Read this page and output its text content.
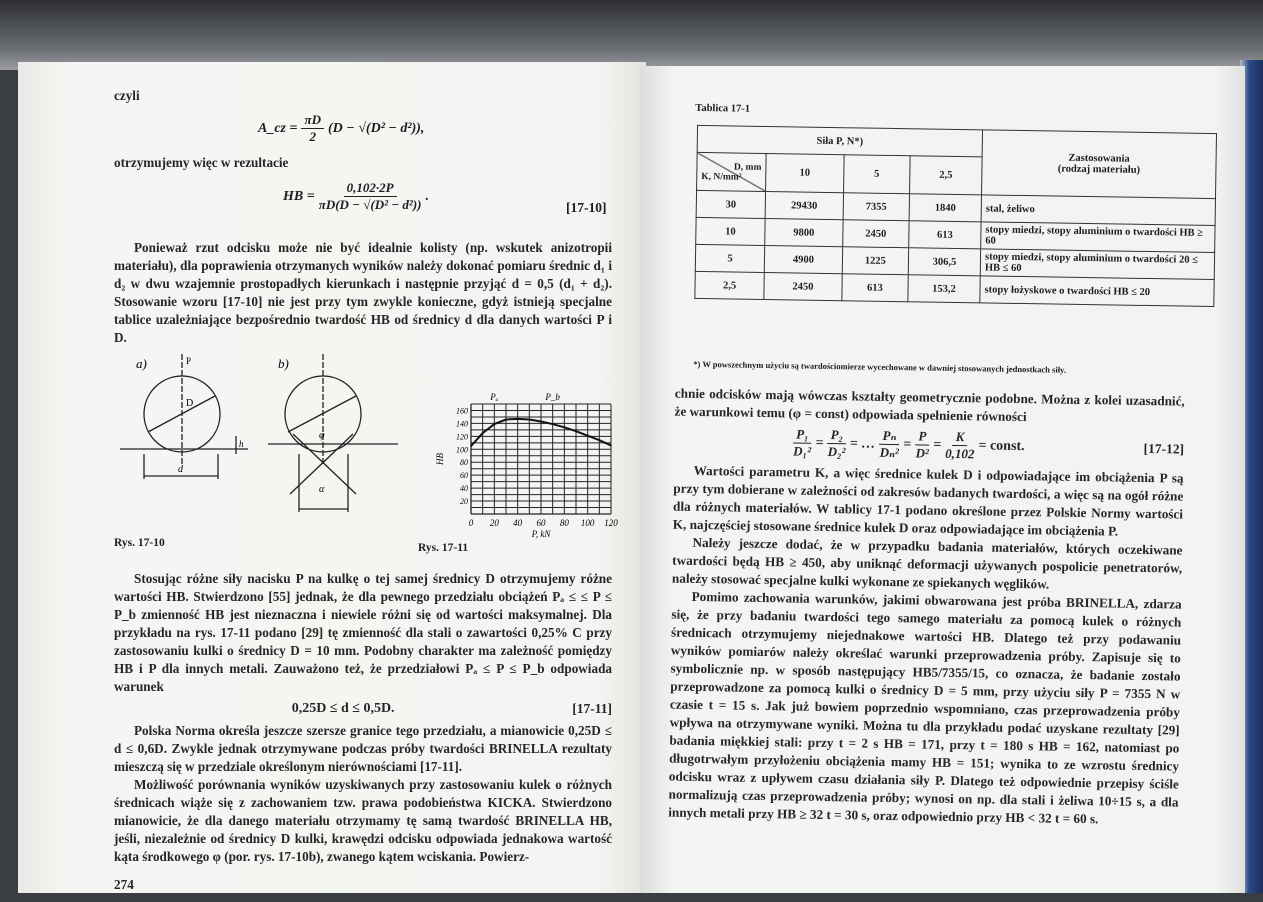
czyli
A_cz = $\frac{\pi D}{2} (D - √(D^2 - d^2))$,
otrzymujemy więc w rezultacie
HB = $\frac{0,102\cdot 2P}{\text{πD(D − √(D² − d²))}}$ .
[17-10]

Ponieważ rzut odcisku może nie być idealnie kolisty (np. wskutek anizotropii materiału), dla poprawienia otrzymanych wyników należy dokonać pomiaru średnic d₁ i d₂ w dwu wzajemnie prostopadłych kierunkach i następnie przyjąć d = 0,5 (d₁ + d₂). Stosowanie wzoru [17-10] nie jest przy tym zwykle konieczne, gdyż istnieją specjalne tablice uzależniające bezpośrednio twardość HB od średnicy d dla danych wartości P i D.

a)	b)
P
D
d
h
φ
α
Rys. 17-10
0 20 40 60 80 100 120
20
40
60
80
100
120
140
160
P, kN
HB
Pₐ	P_b
Rys. 17-11

Stosując różne siły nacisku P na kulkę o tej samej średnicy D otrzymujemy różne wartości HB. Stwierdzono [55] jednak, że dla pewnego przedziału obciążeń Pₐ ≤ ≤ P ≤ P_b zmienność HB jest nieznaczna i niewiele różni się od wartości maksymalnej. Dla przykładu na rys. 17-11 podano [29] tę zmienność dla stali o zawartości 0,25% C przy zastosowaniu kulki o średnicy D = 10 mm. Podobny charakter ma zależność pomiędzy HB i P dla innych metali. Zauważono też, że przedziałowi Pₐ ≤ P ≤ P_b odpowiada warunek

0,25D ≤ d ≤ 0,5D.	[17-11]

Polska Norma określa jeszcze szersze granice tego przedziału, a mianowicie 0,25D ≤ d ≤ 0,6D. Zwykle jednak otrzymywane podczas próby twardości BRINELLA rezultaty mieszczą się w przedziale określonym nierównościami [17-11].

Możliwość porównania wyników uzyskiwanych przy zastosowaniu kulek o różnych średnicach wiąże się z zachowaniem tzw. prawa podobieństwa KICKA. Stwierdzono mianowicie, że dla danego materiału otrzymamy tę samą twardość BRINELLA HB, jeśli, niezależnie od średnicy D kulki, krawędzi odcisku odpowiada jednakowa wartość kąta środkowego φ (por. rys. 17-10b), zwanego kątem wciskania. Powierz-

274
Tablica 17-1
Siła P, N*)				Zastosowania
(rodzaj materiału)

D, mm
K, N/mm²	10	5	2,5	
30	29430	7355	1840	stal, żeliwo
10	9800	2450	613	stopy miedzi, stopy aluminium o twardości HB ≥ 60
5	4900	1225	306,5	stopy miedzi, stopy aluminium o twardości 20 ≤ HB ≤ 60
2,5	2450	613	153,2	stopy łożyskowe o twardości HB ≤ 20
*) W powszechnym użyciu są twardościomierze wycechowane w dawniej stosowanych jednostkach siły.

chnie odcisków mają wówczas kształty geometrycznie podobne. Można z kolei uzasadnić, że warunkowi temu (φ = const) odpowiada spełnienie równości

$\frac{\text{P₁}}{\text{D₁²}} = \frac{\text{P₂}}{\text{D₂²}}$ = … $\frac{\text{Pₙ}}{\text{Dₙ²}} = \frac{P}{\text{D²}} = \frac{K}{0,102}$ = const.	[17-12]

Wartości parametru K, a więc średnice kulek D i odpowiadające im obciążenia P są przy tym dobierane w zależności od zakresów badanych twardości, a więc są na ogół różne dla różnych materiałów. W tablicy 17-1 podano określone przez Polskie Normy wartości K, najczęściej stosowane średnice kulek D oraz odpowiadające im obciążenia P.

Należy jeszcze dodać, że w przypadku badania materiałów, których oczekiwane twardości będą HB ≥ 450, aby uniknąć deformacji używanych pospolicie penetratorów, należy stosować specjalne kulki wykonane ze spiekanych węglików.

Pomimo zachowania warunków, jakimi obwarowana jest próba BRINELLA, zdarza się, że przy badaniu twardości tego samego materiału za pomocą kulek o różnych średnicach otrzymujemy niejednakowe wartości HB. Dlatego też przy podawaniu wyników pomiarów należy określać warunki przeprowadzenia próby. Zapisuje się to symbolicznie np. w sposób następujący HB5/7355/15, co oznacza, że badanie zostało przeprowadzone za pomocą kulki o średnicy D = 5 mm, przy użyciu siły P = 7355 N w czasie t = 15 s. Jak już bowiem poprzednio wspomniano, czas przeprowadzenia próby wpływa na otrzymywane wyniki. Można tu dla przykładu podać uzyskane rezultaty [29] badania miękkiej stali: przy t = 2 s HB = 171, przy t = 180 s HB = 162, natomiast po długotrwałym przyłożeniu obciążenia mamy HB = 151; wynika to ze wzrostu średnicy odcisku wraz z upływem czasu działania siły P. Dlatego też odpowiednie przepisy ściśle normalizują czas przeprowadzenia próby; wynosi on np. dla stali i żeliwa 10÷15 s, a dla innych metali przy HB ≥ 32 t = 30 s, oraz odpowiednio przy HB < 32 t = 60 s.
